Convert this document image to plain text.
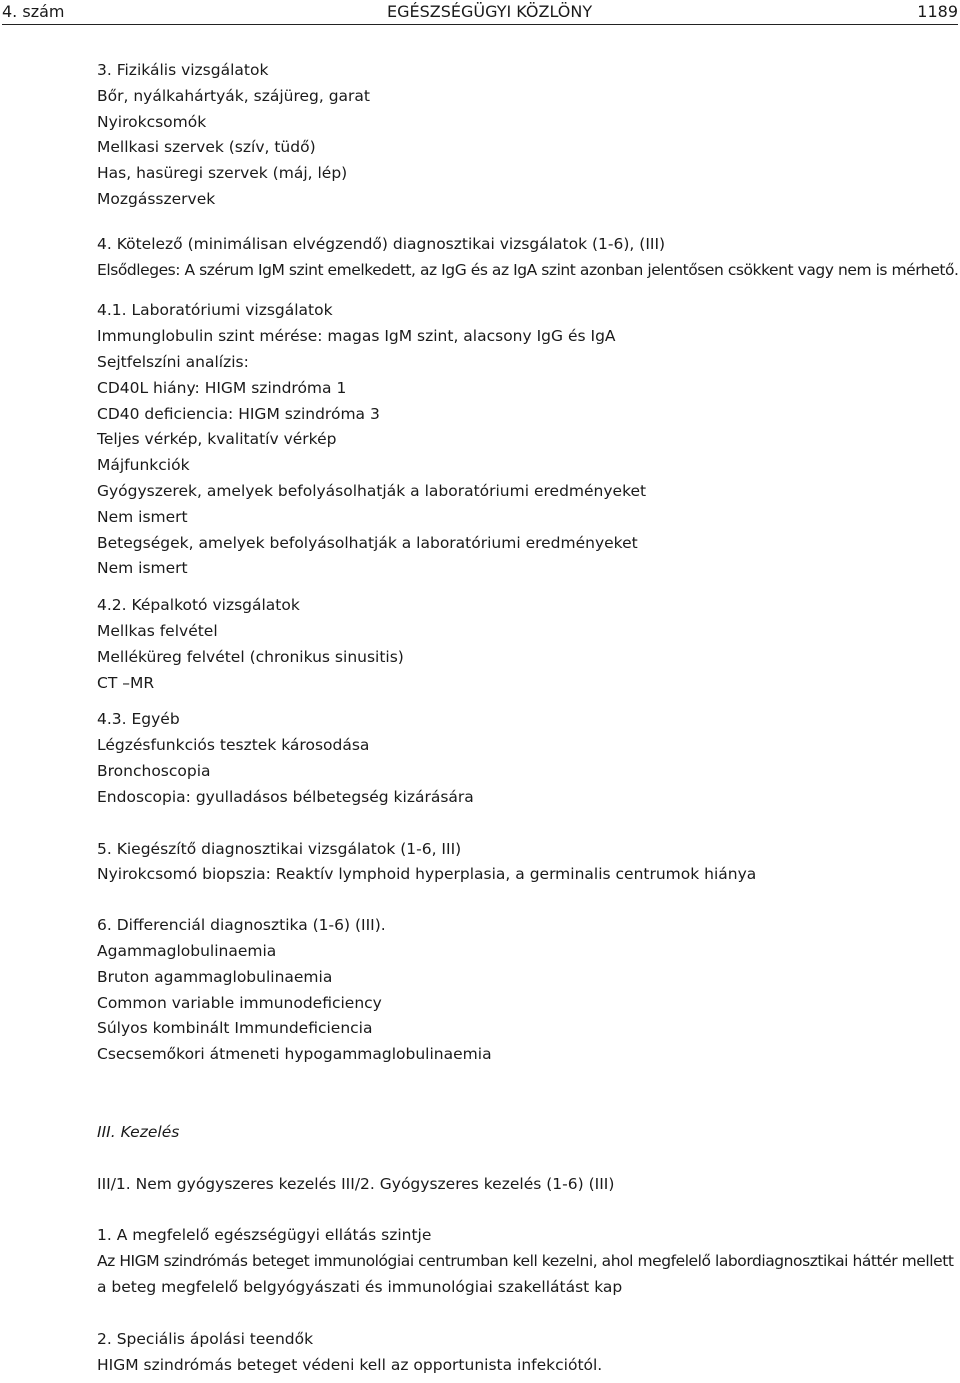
4. szám	EGÉSZSÉGÜGYI KÖZLÖNY	1189
3. Fizikális vizsgálatok
Bőr, nyálkahártyák, szájüreg, garat
Nyirokcsomók
Mellkasi szervek (szív, tüdő)
Has, hasüregi szervek (máj, lép)
Mozgásszervek
4. Kötelező (minimálisan elvégzendő) diagnosztikai vizsgálatok (1-6), (III)
Elsődleges: A szérum IgM szint emelkedett, az IgG és az IgA szint azonban jelentősen csökkent vagy nem is mérhető.
4.1. Laboratóriumi vizsgálatok
Immunglobulin szint mérése: magas IgM szint, alacsony IgG és IgA
Sejtfelszíni analízis:
CD40L hiány: HIGM szindróma 1
CD40 deficiencia: HIGM szindróma 3
Teljes vérkép, kvalitatív vérkép
Májfunkciók
Gyógyszerek, amelyek befolyásolhatják a laboratóriumi eredményeket
Nem ismert
Betegségek, amelyek befolyásolhatják a laboratóriumi eredményeket
Nem ismert
4.2. Képalkotó vizsgálatok
Mellkas felvétel
Melléküreg felvétel (chronikus sinusitis)
CT –MR
4.3. Egyéb
Légzésfunkciós tesztek károsodása
Bronchoscopia
Endoscopia: gyulladásos bélbetegség kizárására
5. Kiegészítő diagnosztikai vizsgálatok (1-6, III)
Nyirokcsomó biopszia: Reaktív lymphoid hyperplasia, a germinalis centrumok hiánya
6. Differenciál diagnosztika (1-6) (III).
Agammaglobulinaemia
Bruton agammaglobulinaemia
Common variable immunodeficiency
Súlyos kombinált Immundeficiencia
Csecsemőkori átmeneti hypogammaglobulinaemia
III. Kezelés
III/1. Nem gyógyszeres kezelés III/2. Gyógyszeres kezelés (1-6) (III)
1. A megfelelő egészségügyi ellátás szintje
Az HIGM szindrómás beteget immunológiai centrumban kell kezelni, ahol megfelelő labordiagnosztikai háttér mellett
a beteg megfelelő belgyógyászati és immunológiai szakellátást kap
2. Speciális ápolási teendők
HIGM szindrómás beteget védeni kell az opportunista infekciótól.
